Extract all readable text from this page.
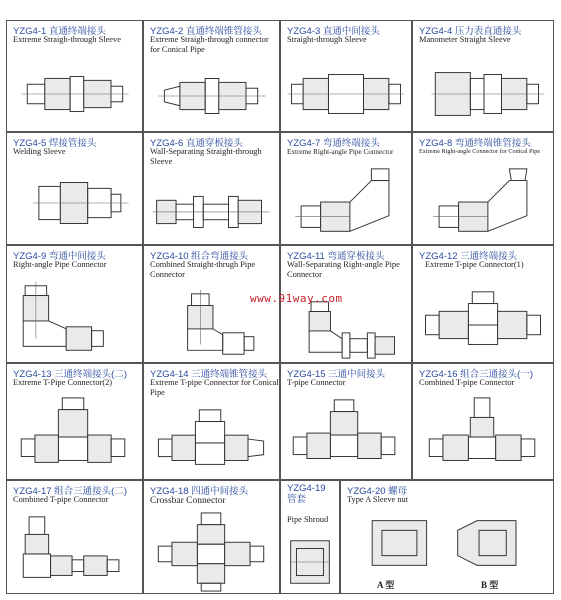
YZG4-1 直通终端接头
Extreme Straigh-through Sleeve
YZG4-2 直通终端锥管接头
Extreme Straigh-through connector for Conical Pipe
YZG4-3 直通中间接头
Straight-through Sleeve
YZG4-4 压力表直通接头
Manometer Straight Sleeve
YZG4-5 焊接管接头
Welding Sleeve
YZG4-6 直通穿板接头
Wall-Separating Straight-through Sleeve
YZG4-7 弯通终端接头
Extreme Right-angle Pipe Connector
YZG4-8 弯通终端锥管接头
Extreme Right-angle Connector for Conical Pipe
YZG4-9 弯通中间接头
Right-angle Pipe Connector
YZG4-10 组合弯通接头
Combined Straight-thrugh Pipe Connector
YZG4-11 弯通穿板接头
Wall-Separating Right-angle Pipe Connector
YZG4-12 三通终端接头
Extreme T-pipe Connector(1)
YZG4-13 三通终端接头(二)
Extreme T-Pipe Connector(2)
YZG4-14 三通终端锥管接头
Extreme T-pipe Connector for Conical Pipe
YZG4-15 三通中间接头
T-pipe Connector
YZG4-16 组合三通接头(一)
Combined T-pipe Connector
YZG4-17 组合三通接头(二)
Combined T-pipe Connector
YZG4-18 四通中间接头
Crossbar Connector
YZG4-19 管套
Pipe Shroud
YZG4-20 螺母
Type A Sleeve nut
A 型	B 型
www.91way.com
